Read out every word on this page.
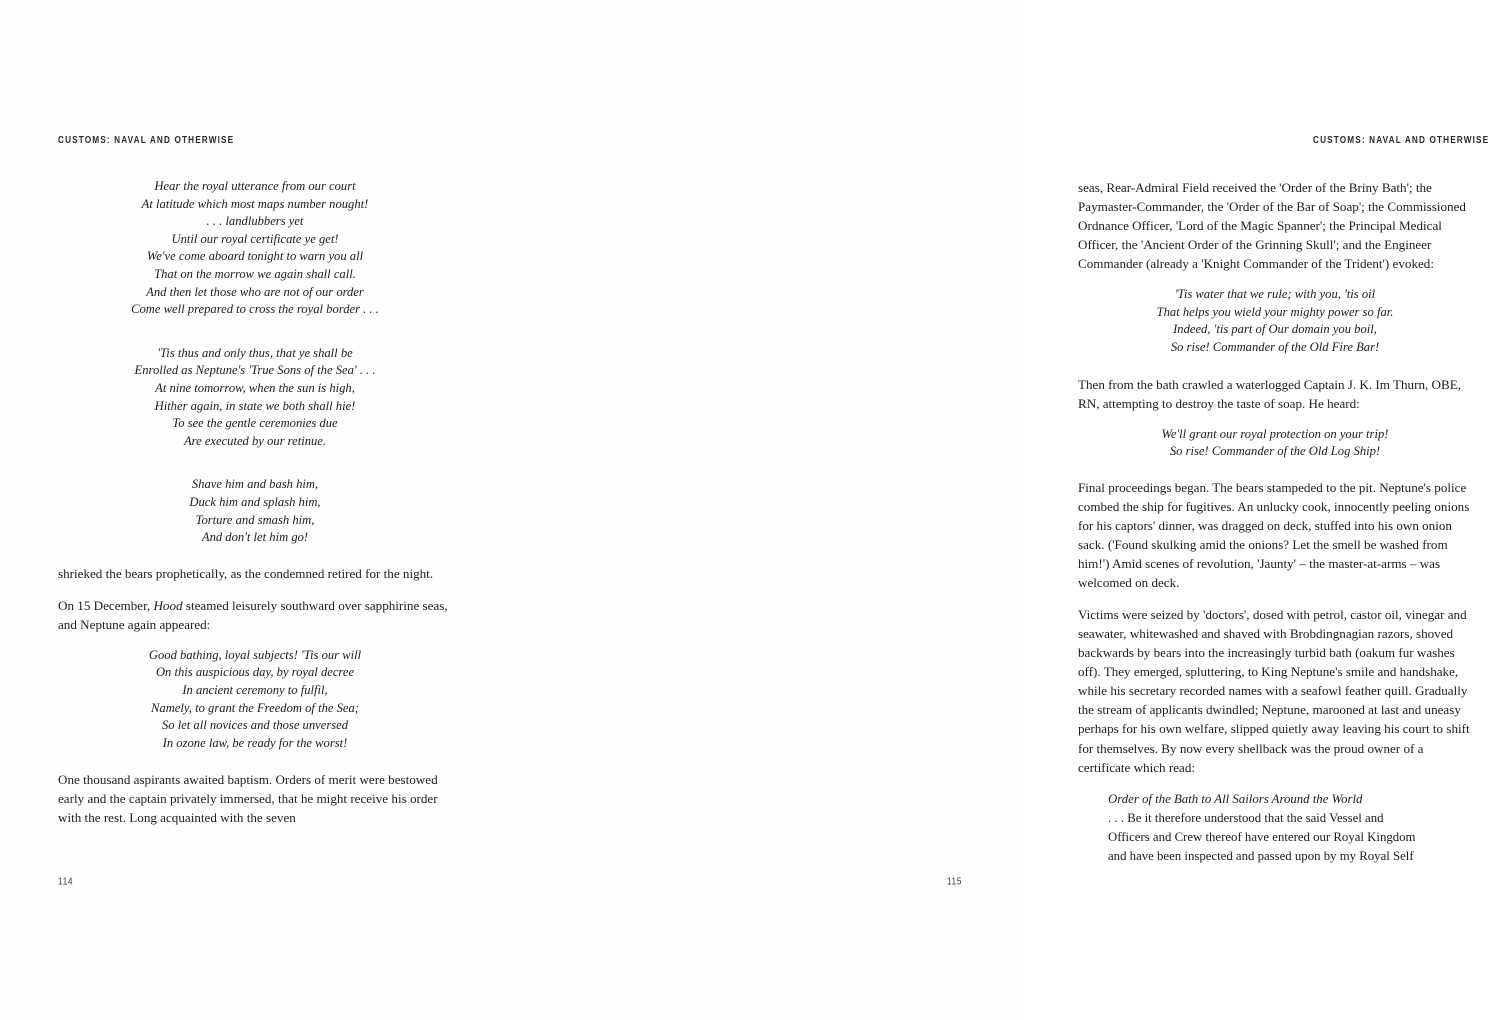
CUSTOMS: NAVAL AND OTHERWISE
Hear the royal utterance from our court
At latitude which most maps number nought!
. . . landlubbers yet
Until our royal certificate ye get!
We've come aboard tonight to warn you all
That on the morrow we again shall call.
And then let those who are not of our order
Come well prepared to cross the royal border . . .
'Tis thus and only thus, that ye shall be
Enrolled as Neptune's 'True Sons of the Sea' . . .
At nine tomorrow, when the sun is high,
Hither again, in state we both shall hie!
To see the gentle ceremonies due
Are executed by our retinue.
Shave him and bash him,
Duck him and splash him,
Torture and smash him,
And don't let him go!

shrieked the bears prophetically, as the condemned retired for the night.

On 15 December, Hood steamed leisurely southward over sapphirine seas, and Neptune again appeared:

Good bathing, loyal subjects! 'Tis our will
On this auspicious day, by royal decree
In ancient ceremony to fulfil,
Namely, to grant the Freedom of the Sea;
So let all novices and those unversed
In ozone law, be ready for the worst!

One thousand aspirants awaited baptism. Orders of merit were bestowed early and the captain privately immersed, that he might receive his order with the rest. Long acquainted with the seven

114
CUSTOMS: NAVAL AND OTHERWISE

seas, Rear-Admiral Field received the 'Order of the Briny Bath'; the Paymaster-Commander, the 'Order of the Bar of Soap'; the Commissioned Ordnance Officer, 'Lord of the Magic Spanner'; the Principal Medical Officer, the 'Ancient Order of the Grinning Skull'; and the Engineer Commander (already a 'Knight Commander of the Trident') evoked:

'Tis water that we rule; with you, 'tis oil
That helps you wield your mighty power so far.
Indeed, 'tis part of Our domain you boil,
So rise! Commander of the Old Fire Bar!

Then from the bath crawled a waterlogged Captain J. K. Im Thurn, OBE, RN, attempting to destroy the taste of soap. He heard:

We'll grant our royal protection on your trip!
So rise! Commander of the Old Log Ship!

Final proceedings began. The bears stampeded to the pit. Neptune's police combed the ship for fugitives. An unlucky cook, innocently peeling onions for his captors' dinner, was dragged on deck, stuffed into his own onion sack. ('Found skulking amid the onions? Let the smell be washed from him!') Amid scenes of revolution, 'Jaunty' – the master-at-arms – was welcomed on deck.

Victims were seized by 'doctors', dosed with petrol, castor oil, vinegar and seawater, whitewashed and shaved with Brobdingnagian razors, shoved backwards by bears into the increasingly turbid bath (oakum fur washes off). They emerged, spluttering, to King Neptune's smile and handshake, while his secretary recorded names with a seafowl feather quill. Gradually the stream of applicants dwindled; Neptune, marooned at last and uneasy perhaps for his own welfare, slipped quietly away leaving his court to shift for themselves. By now every shellback was the proud owner of a certificate which read:

Order of the Bath to All Sailors Around the World
. . . Be it therefore understood that the said Vessel and
Officers and Crew thereof have entered our Royal Kingdom
and have been inspected and passed upon by my Royal Self
115
